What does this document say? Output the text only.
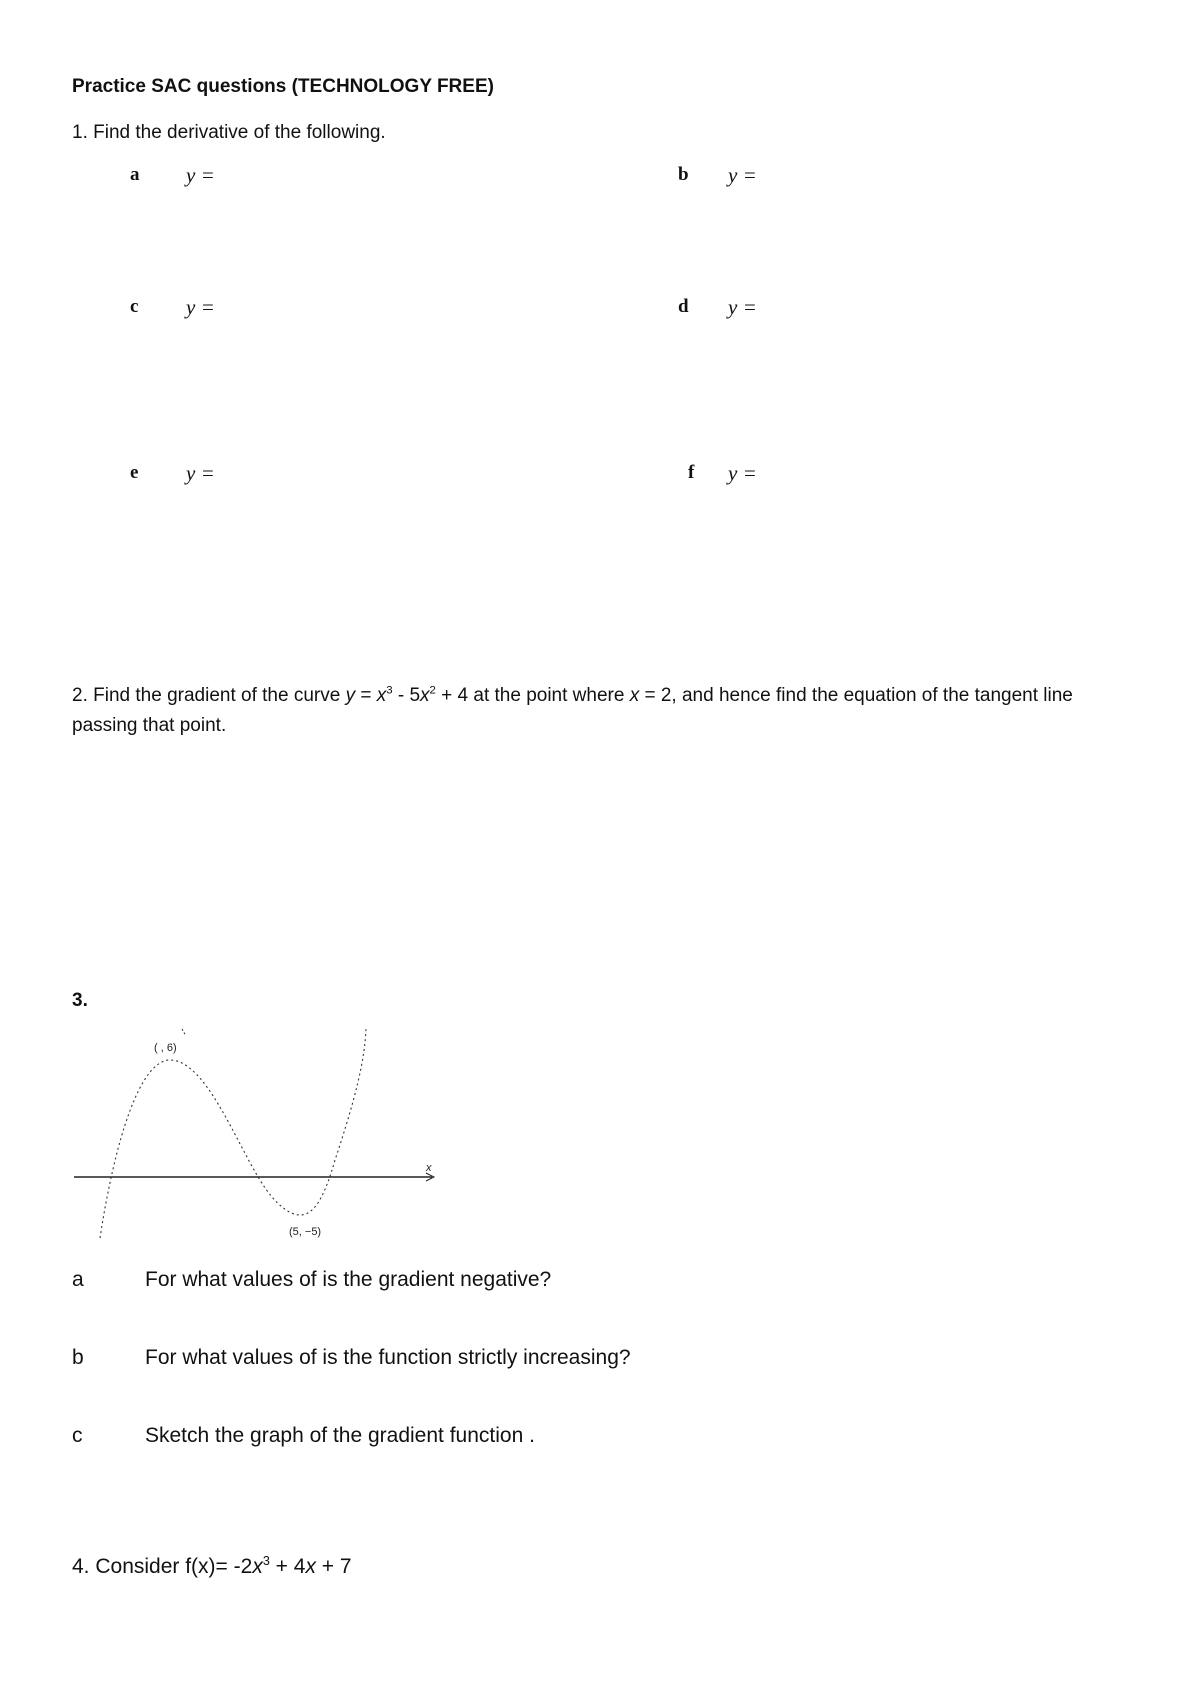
Practice SAC questions (TECHNOLOGY FREE)
1. Find the derivative of the following.
a y =	b y =
c y =	d y =
e y =	f y =
2. Find the gradient of the curve $y = x^3 - 5x^2 + 4$ at the point where x = 2, and hence find the equation of the tangent line passing that point.
3.
( , 6)
(5, −5)
x
a	For what values of is the gradient negative?
b	For what values of is the function strictly increasing?
c	Sketch the graph of the gradient function .
4. Consider $f(x)= -2x^3 + 4x + 7$
